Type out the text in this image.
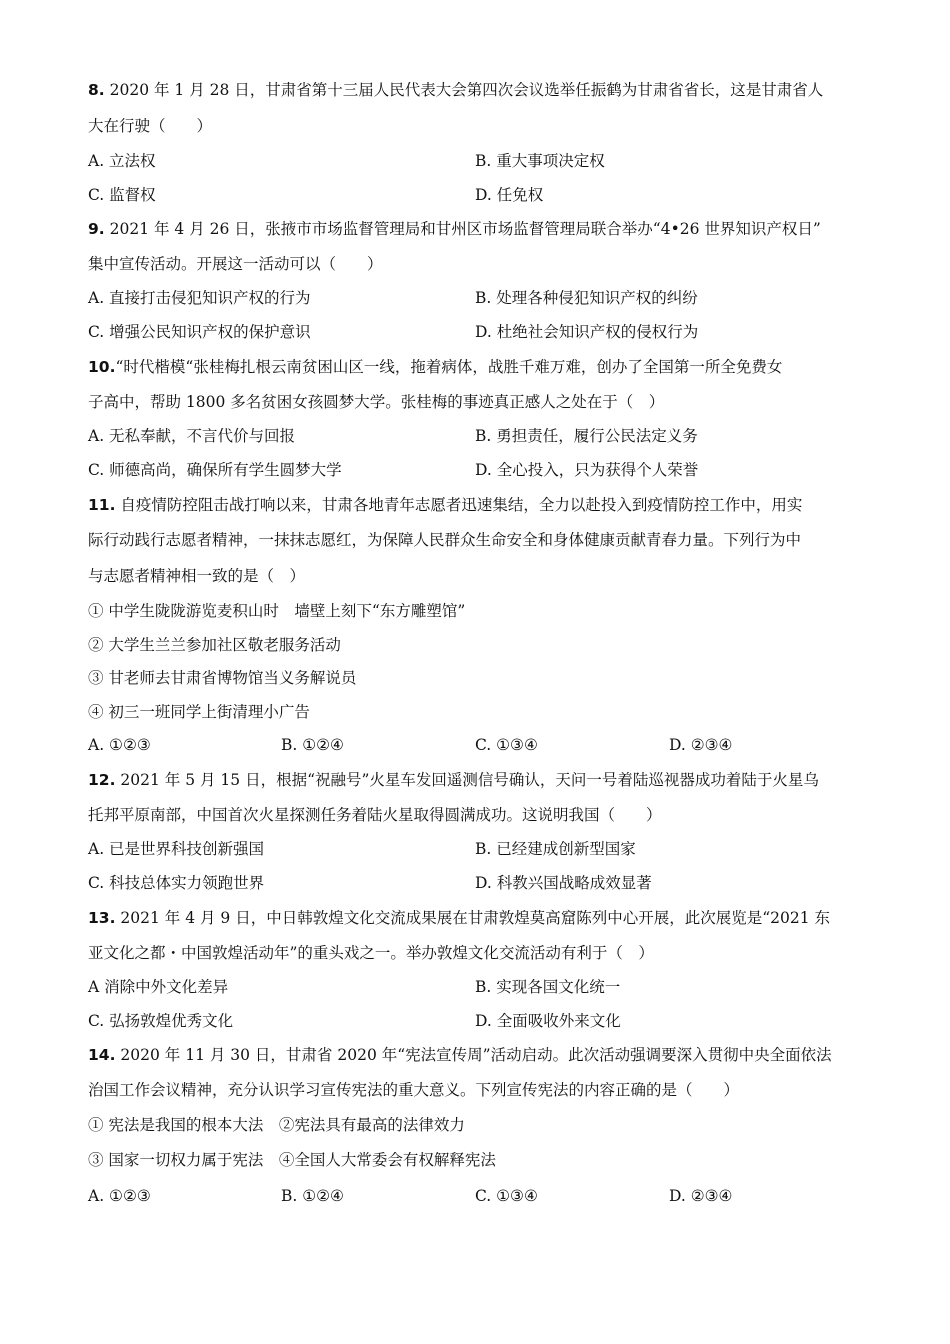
8. 2020 年 1 月 28 日，甘肃省第十三届人民代表大会第四次会议选举任振鹤为甘肃省省长，这是甘肃省人
大在行驶（　　）
A. 立法权	B. 重大事项决定权
C. 监督权	D. 任免权
9. 2021 年 4 月 26 日，张掖市市场监督管理局和甘州区市场监督管理局联合举办“4•26 世界知识产权日”
集中宣传活动。开展这一活动可以（　　）
A. 直接打击侵犯知识产权的行为	B. 处理各种侵犯知识产权的纠纷
C. 增强公民知识产权的保护意识	D. 杜绝社会知识产权的侵权行为
10.“时代楷模“张桂梅扎根云南贫困山区一线，拖着病体，战胜千难万难，创办了全国第一所全免费女
子高中，帮助 1800 多名贫困女孩圆梦大学。张桂梅的事迹真正感人之处在于（　）
A. 无私奉献，不言代价与回报	B. 勇担责任，履行公民法定义务
C. 师德高尚，确保所有学生圆梦大学	D. 全心投入，只为获得个人荣誉
11. 自疫情防控阻击战打响以来，甘肃各地青年志愿者迅速集结，全力以赴投入到疫情防控工作中，用实
际行动践行志愿者精神，一抹抹志愿红，为保障人民群众生命安全和身体健康贡献青春力量。下列行为中
与志愿者精神相一致的是（　）
① 中学生陇陇游览麦积山时　墙壁上刻下“东方雕塑馆”
② 大学生兰兰参加社区敬老服务活动
③ 甘老师去甘肃省博物馆当义务解说员
④ 初三一班同学上街清理小广告
A. ①②③	B. ①②④	C. ①③④	D. ②③④
12. 2021 年 5 月 15 日，根据“祝融号”火星车发回遥测信号确认，天问一号着陆巡视器成功着陆于火星乌
托邦平原南部，中国首次火星探测任务着陆火星取得圆满成功。这说明我国（　　）
A. 已是世界科技创新强国	B. 已经建成创新型国家
C. 科技总体实力领跑世界	D. 科教兴国战略成效显著
13. 2021 年 4 月 9 日，中日韩敦煌文化交流成果展在甘肃敦煌莫高窟陈列中心开展，此次展览是“2021 东
亚文化之都・中国敦煌活动年”的重头戏之一。举办敦煌文化交流活动有利于（　）
A 消除中外文化差异	B. 实现各国文化统一
C. 弘扬敦煌优秀文化	D. 全面吸收外来文化
14. 2020 年 11 月 30 日，甘肃省 2020 年“宪法宣传周”活动启动。此次活动强调要深入贯彻中央全面依法
治国工作会议精神，充分认识学习宣传宪法的重大意义。下列宣传宪法的内容正确的是（　　）
① 宪法是我国的根本大法　②宪法具有最高的法律效力
③ 国家一切权力属于宪法　④全国人大常委会有权解释宪法
A. ①②③	B. ①②④	C. ①③④	D. ②③④
